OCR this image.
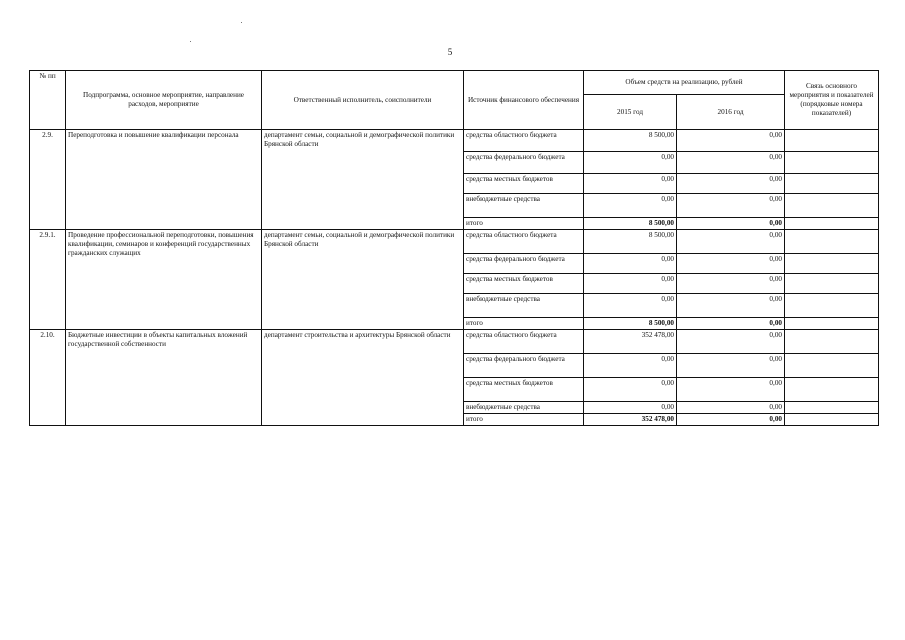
5
№ пп	Подпрограмма, основное мероприятие, направление расходов, мероприятие	Ответственный исполнитель, соисполнители	Источник финансового обеспечения	Объем средств на реализацию, рублей		Связь основного мероприятия и показателей (порядковые номера показателей)
				2015 год	2016 год	
2.9.	Переподготовка и повышение квалификации персонала	департамент семьи, социальной и демографической политики Брянской области	средства областного бюджета	8 500,00	0,00	
			средства федерального бюджета	0,00	0,00	
			средства местных бюджетов	0,00	0,00	
			внебюджетные средства	0,00	0,00	
			итого	8 500,00	0,00	
2.9.1.	Проведение профессиональной переподготовки, повышения квалификации, семинаров и конференций государственных гражданских служащих	департамент семьи, социальной и демографической политики Брянской области	средства областного бюджета	8 500,00	0,00	
			средства федерального бюджета	0,00	0,00	
			средства местных бюджетов	0,00	0,00	
			внебюджетные средства	0,00	0,00	
			итого	8 500,00	0,00	
2.10.	Бюджетные инвестиции в объекты капитальных вложений государственной собственности	департамент строительства и архитектуры Брянской области	средства областного бюджета	352 478,00	0,00	
			средства федерального бюджета	0,00	0,00	
			средства местных бюджетов	0,00	0,00	
			внебюджетные средства	0,00	0,00	
			итого	352 478,00	0,00	
